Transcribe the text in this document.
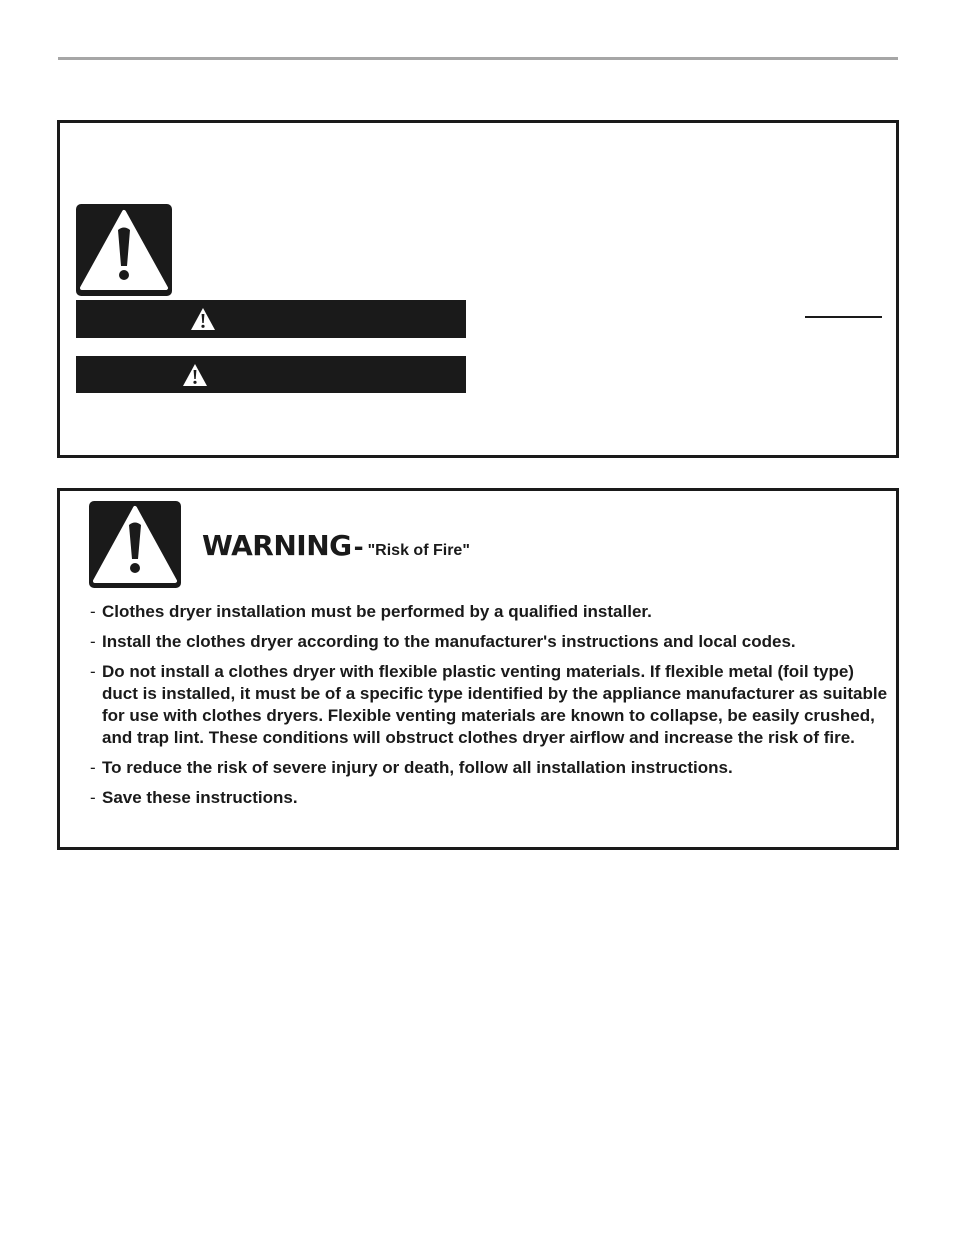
WARNING- "Risk of Fire"
- Clothes dryer installation must be performed by a qualified installer.
- Install the clothes dryer according to the manufacturer's instructions and local codes.
- Do not install a clothes dryer with flexible plastic venting materials. If flexible metal (foil type) duct is installed, it must be of a specific type identified by the appliance manufacturer as suitable for use with clothes dryers. Flexible venting materials are known to collapse, be easily crushed, and trap lint. These conditions will obstruct clothes dryer airflow and increase the risk of fire.
- To reduce the risk of severe injury or death, follow all installation instructions.
- Save these instructions.
